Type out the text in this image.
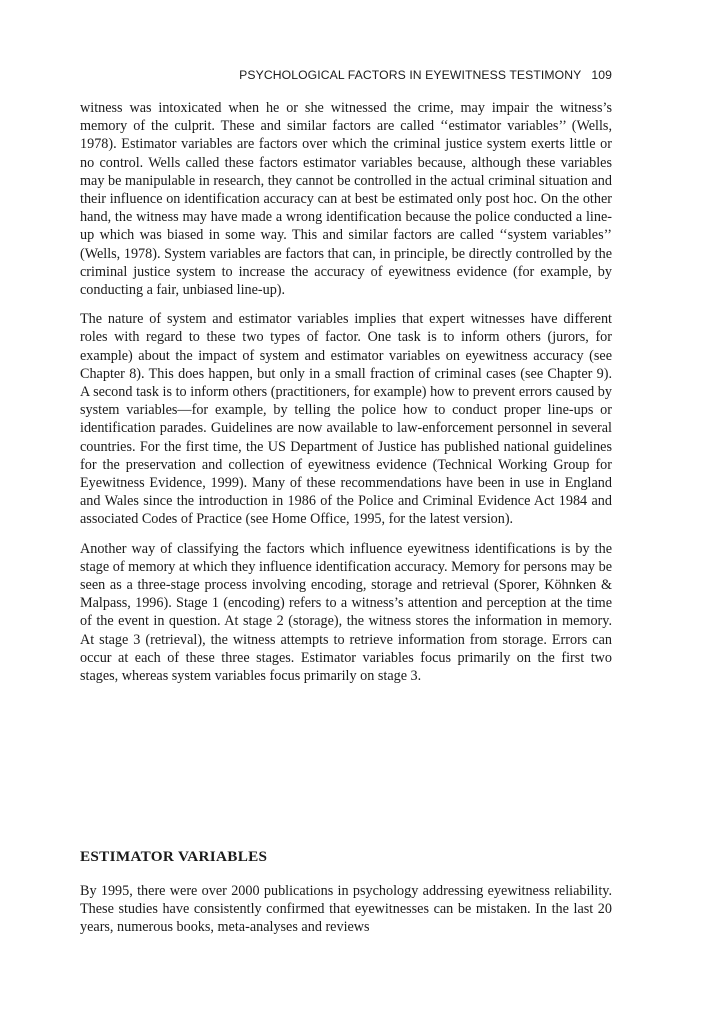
PSYCHOLOGICAL FACTORS IN EYEWITNESS TESTIMONY 109

witness was intoxicated when he or she witnessed the crime, may impair the witness’s memory of the culprit. These and similar factors are called ‘‘estimator variables’’ (Wells, 1978). Estimator variables are factors over which the criminal justice system exerts little or no control. Wells called these factors estimator variables because, although these variables may be manipulable in research, they cannot be controlled in the actual criminal situation and their influence on identification accuracy can at best be estimated only post hoc. On the other hand, the witness may have made a wrong identification because the police conducted a line-up which was biased in some way. This and similar factors are called ‘‘system variables’’ (Wells, 1978). System variables are factors that can, in principle, be directly controlled by the criminal justice system to increase the accuracy of eyewitness evidence (for example, by conducting a fair, unbiased line-up).

The nature of system and estimator variables implies that expert witnesses have different roles with regard to these two types of factor. One task is to inform others (jurors, for example) about the impact of system and estimator variables on eyewitness accuracy (see Chapter 8). This does happen, but only in a small fraction of criminal cases (see Chapter 9). A second task is to inform others (practitioners, for example) how to prevent errors caused by system variables—for example, by telling the police how to conduct proper line-ups or identification parades. Guidelines are now available to law-enforcement personnel in several countries. For the first time, the US Department of Justice has published national guidelines for the preservation and collection of eyewitness evidence (Technical Working Group for Eyewitness Evidence, 1999). Many of these recommendations have been in use in England and Wales since the introduction in 1986 of the Police and Criminal Evidence Act 1984 and associated Codes of Practice (see Home Office, 1995, for the latest version).

Another way of classifying the factors which influence eyewitness identifications is by the stage of memory at which they influence identification accuracy. Memory for persons may be seen as a three-stage process involving encoding, storage and retrieval (Sporer, Köhnken & Malpass, 1996). Stage 1 (encoding) refers to a witness’s attention and perception at the time of the event in question. At stage 2 (storage), the witness stores the information in memory. At stage 3 (retrieval), the witness attempts to retrieve information from storage. Errors can occur at each of these three stages. Estimator variables focus primarily on the first two stages, whereas system variables focus primarily on stage 3.

ESTIMATOR VARIABLES

By 1995, there were over 2000 publications in psychology addressing eyewitness reliability. These studies have consistently confirmed that eyewitnesses can be mistaken. In the last 20 years, numerous books, meta-analyses and reviews
